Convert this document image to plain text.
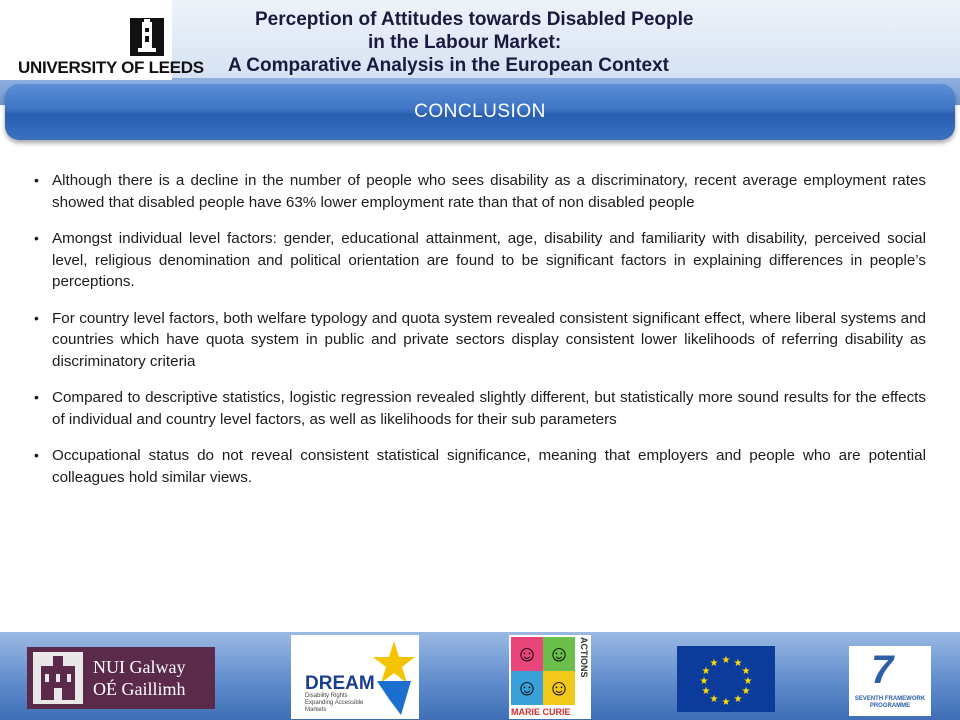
UNIVERSITY OF LEEDS
Perception of Attitudes towards Disabled People
in the Labour Market:
A Comparative Analysis in the European Context
CONCLUSION
• Although there is a decline in the number of people who sees disability as a discriminatory, recent average employment rates showed that disabled people have 63% lower employment rate than that of non disabled people
• Amongst individual level factors: gender, educational attainment, age, disability and familiarity with disability, perceived social level, religious denomination and political orientation are found to be significant factors in explaining differences in people’s perceptions.
• For country level factors, both welfare typology and quota system revealed consistent significant effect, where liberal systems and countries which have quota system in public and private sectors display consistent lower likelihoods of referring disability as discriminatory criteria
• Compared to descriptive statistics, logistic regression revealed slightly different, but statistically more sound results for the effects of individual and country level factors, as well as likelihoods for their sub parameters
• Occupational status do not reveal consistent statistical significance, meaning that employers and people who are potential colleagues hold similar views.
NUI Galway
OÉ Gaillimh	DREAM
Disability Rights Expanding Accessible Markets
☺ ☺
☺ ☺
ACTIONS
MARIE CURIE
★ ★
★
★
★
★
★
★
★
★
★
★	7
SEVENTH FRAMEWORK PROGRAMME
